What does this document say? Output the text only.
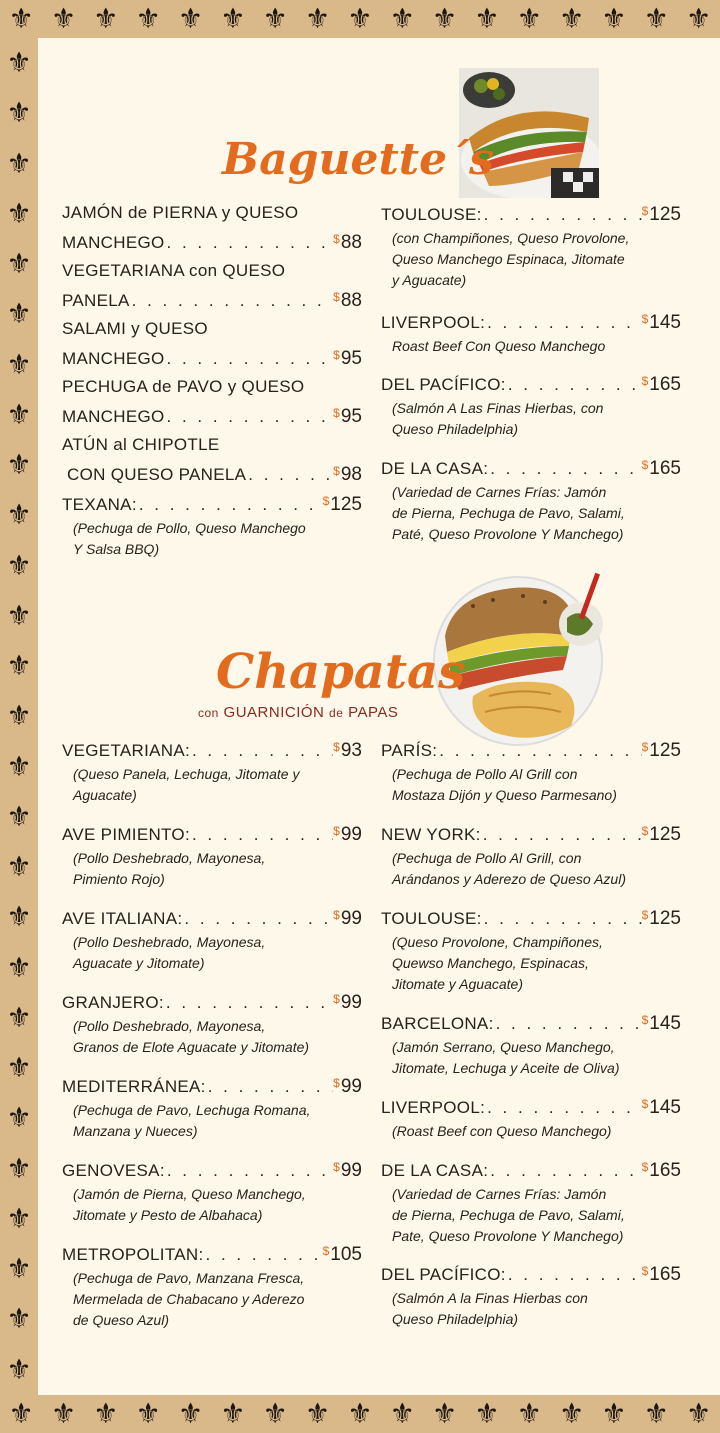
⚜ ⚜ ⚜ ⚜ ⚜ ⚜ ⚜ ⚜ ⚜ ⚜ ⚜ ⚜ ⚜ ⚜ ⚜ ⚜ ⚜
⚜ ⚜ ⚜ ⚜ ⚜ ⚜ ⚜ ⚜ ⚜ ⚜ ⚜ ⚜ ⚜ ⚜ ⚜ ⚜ ⚜
⚜
⚜
⚜
⚜
⚜
⚜
⚜
⚜
⚜
⚜
⚜
⚜
⚜
⚜
⚜
⚜
⚜
⚜
⚜
⚜
⚜
⚜
⚜
⚜
⚜
⚜
⚜
Baguette´s
JAMÓN de PIERNA y QUESO
MANCHEGO . . .	$88
VEGETARIANA con QUESO
PANELA . . .	$88
SALAMI y QUESO
MANCHEGO . . .	$95
PECHUGA de PAVO y QUESO
MANCHEGO . . .	$95
ATÚN al CHIPOTLE
CON QUESO PANELA . . .	$98
TEXANA: . . .	$125
(Pechuga de Pollo, Queso Manchego
Y Salsa BBQ)
TOULOUSE: . . .	$125
(con Champiñones, Queso Provolone,
Queso Manchego Espinaca, Jitomate
y Aguacate)
LIVERPOOL: . . .	$145
Roast Beef Con Queso Manchego
DEL PACÍFICO: . . .	$165
(Salmón A Las Finas Hierbas, con
Queso Philadelphia)
DE LA CASA: . . .	$165
(Variedad de Carnes Frías: Jamón
de Pierna, Pechuga de Pavo, Salami,
Paté, Queso Provolone Y Manchego)
Chapatas
con GUARNICIÓN de PAPAS
VEGETARIANA: . . .	$93
(Queso Panela, Lechuga, Jitomate y
Aguacate)
AVE PIMIENTO: . . .	$99
(Pollo Deshebrado, Mayonesa,
Pimiento Rojo)
AVE ITALIANA: . . .	$99
(Pollo Deshebrado, Mayonesa,
Aguacate y Jitomate)
GRANJERO: . . .	$99
(Pollo Deshebrado, Mayonesa,
Granos de Elote Aguacate y Jitomate)
MEDITERRÁNEA: . . .	$99
(Pechuga de Pavo, Lechuga Romana,
Manzana y Nueces)
GENOVESA: . . .	$99
(Jamón de Pierna, Queso Manchego,
Jitomate y Pesto de Albahaca)
METROPOLITAN: . . .	$105
(Pechuga de Pavo, Manzana Fresca,
Mermelada de Chabacano y Aderezo
de Queso Azul)
PARÍS: . . .	$125
(Pechuga de Pollo Al Grill con
Mostaza Dijón y Queso Parmesano)
NEW YORK: . . .	$125
(Pechuga de Pollo Al Grill, con
Arándanos y Aderezo de Queso Azul)
TOULOUSE: . . .	$125
(Queso Provolone, Champiñones,
Quewso Manchego, Espinacas,
Jitomate y Aguacate)
BARCELONA: . . .	$145
(Jamón Serrano, Queso Manchego,
Jitomate, Lechuga y Aceite de Oliva)
LIVERPOOL: . . .	$145
(Roast Beef con Queso Manchego)
DE LA CASA: . . .	$165
(Variedad de Carnes Frías: Jamón
de Pierna, Pechuga de Pavo, Salami,
Pate, Queso Provolone Y Manchego)
DEL PACÍFICO: . . .	$165
(Salmón A la Finas Hierbas con
Queso Philadelphia)
